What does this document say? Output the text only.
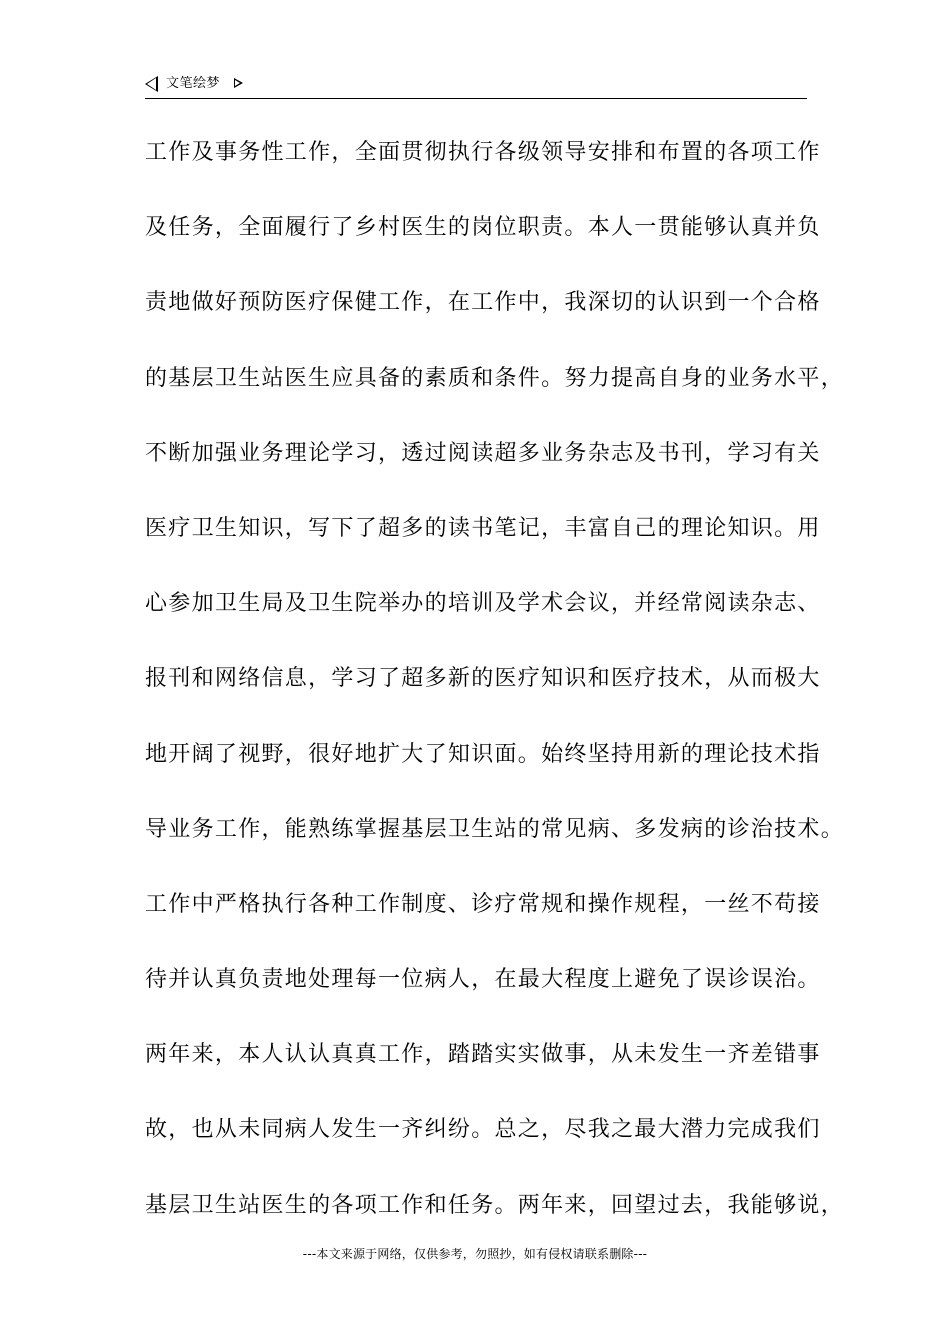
文笔绘梦
工作及事务性工作，全面贯彻执行各级领导安排和布置的各项工作
及任务，全面履行了乡村医生的岗位职责。本人一贯能够认真并负
责地做好预防医疗保健工作，在工作中，我深切的认识到一个合格
的基层卫生站医生应具备的素质和条件。努力提高自身的业务水平，
不断加强业务理论学习，透过阅读超多业务杂志及书刊，学习有关
医疗卫生知识，写下了超多的读书笔记，丰富自己的理论知识。用
心参加卫生局及卫生院举办的培训及学术会议，并经常阅读杂志、
报刊和网络信息，学习了超多新的医疗知识和医疗技术，从而极大
地开阔了视野，很好地扩大了知识面。始终坚持用新的理论技术指
导业务工作，能熟练掌握基层卫生站的常见病、多发病的诊治技术。
工作中严格执行各种工作制度、诊疗常规和操作规程，一丝不苟接
待并认真负责地处理每一位病人，在最大程度上避免了误诊误治。
两年来，本人认认真真工作，踏踏实实做事，从未发生一齐差错事
故，也从未同病人发生一齐纠纷。总之，尽我之最大潜力完成我们
基层卫生站医生的各项工作和任务。两年来，回望过去，我能够说，
---本文来源于网络，仅供参考，勿照抄，如有侵权请联系删除---
